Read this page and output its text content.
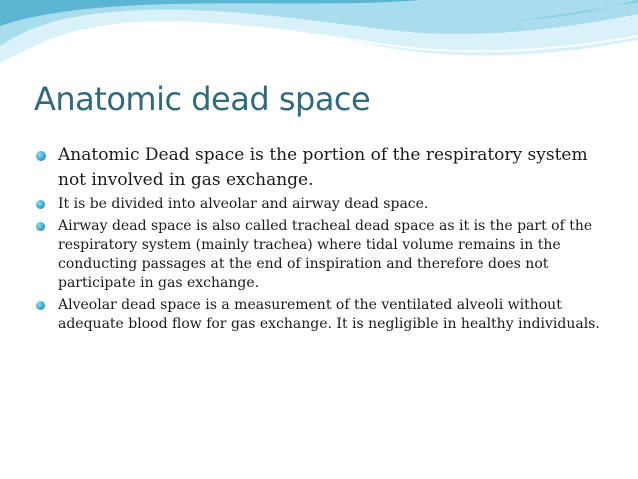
Anatomic dead space
Anatomic Dead space is the portion of the respiratory system not involved in gas exchange.
It is be divided into alveolar and airway dead space.
Airway dead space is also called tracheal dead space as it is the part of the respiratory system (mainly trachea) where tidal volume remains in the conducting passages at the end of inspiration and therefore does not participate in gas exchange.
Alveolar dead space is a measurement of the ventilated alveoli without adequate blood flow for gas exchange. It is negligible in healthy individuals.
